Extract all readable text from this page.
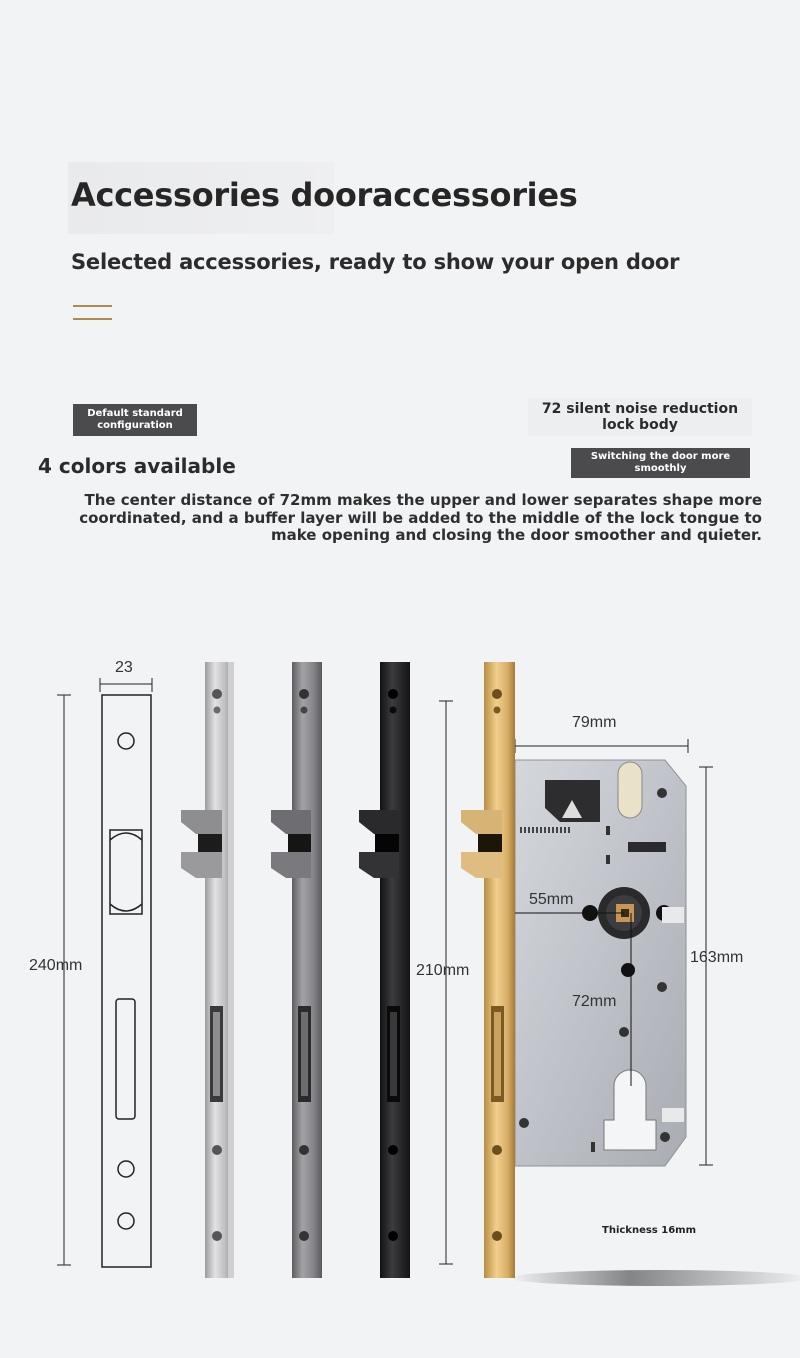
Accessories dooraccessories
Selected accessories, ready to show your open door
Default standard configuration
4 colors available
72 silent noise reduction lock body
Switching the door more smoothly
The center distance of 72mm makes the upper and lower separates shape more coordinated, and a buffer layer will be added to the middle of the lock tongue to make opening and closing the door smoother and quieter.
23
240mm	210mm
79mm
55mm
72mm
163mm
Thickness 16mm
